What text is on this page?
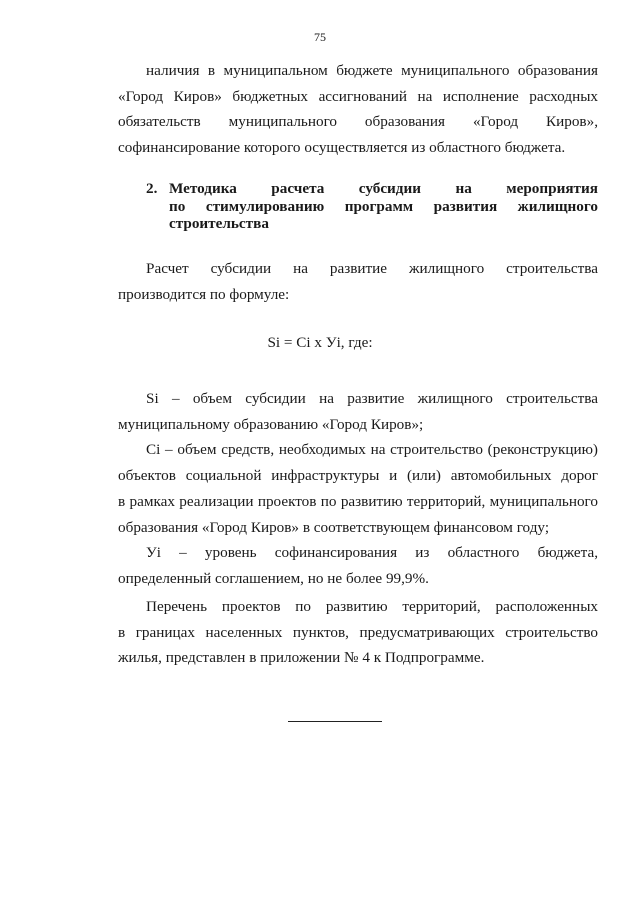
75
наличия в муниципальном бюджете муниципального образования
«Город Киров» бюджетных ассигнований на исполнение расходных
обязательств муниципального образования «Город Киров»,
софинансирование которого осуществляется из областного бюджета.
2. Методика расчета субсидии на мероприятия
по стимулированию программ развития жилищного
строительства
Расчет субсидии на развитие жилищного строительства
производится по формуле:
Si = Ci x Уi, где:
Si – объем субсидии на развитие жилищного строительства
муниципальному образованию «Город Киров»;
Ci – объем средств, необходимых на строительство (реконструкцию)
объектов социальной инфраструктуры и (или) автомобильных дорог
в рамках реализации проектов по развитию территорий, муниципального
образования «Город Киров» в соответствующем финансовом году;
Уi – уровень софинансирования из областного бюджета,
определенный соглашением, но не более 99,9%.
Перечень проектов по развитию территорий, расположенных
в границах населенных пунктов, предусматривающих строительство
жилья, представлен в приложении № 4 к Подпрограмме.
